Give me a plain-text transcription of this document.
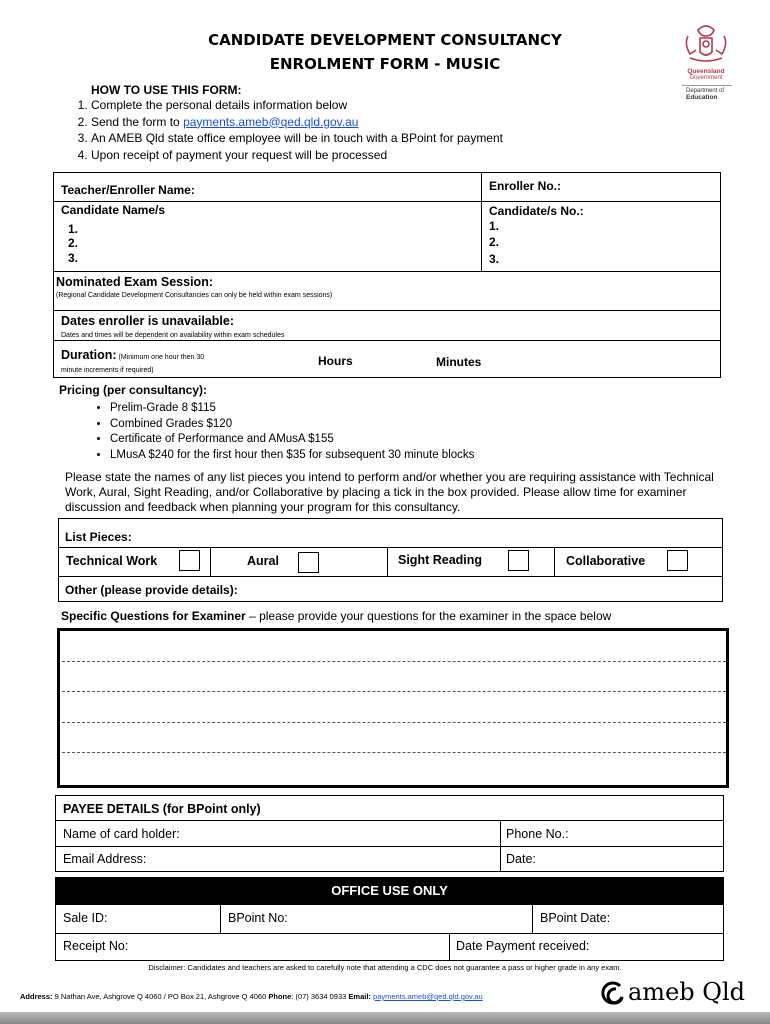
CANDIDATE DEVELOPMENT CONSULTANCY
ENROLMENT FORM - MUSIC	Queensland
Government
Department of
Education
HOW TO USE THIS FORM:
1. Complete the personal details information below
2. Send the form to payments.ameb@qed.qld.gov.au
3. An AMEB Qld state office employee will be in touch with a BPoint for payment
4. Upon receipt of payment your request will be processed
Teacher/Enroller Name:	Enroller No.:
Candidate Name/s
1.
2.
3.
Candidate/s No.:
1.
2.
3.
Nominated Exam Session:
(Regional Candidate Development Consultancies can only be held within exam sessions)
Dates enroller is unavailable:
Dates and times will be dependent on availability within exam schedules
Duration: (Minimum one hour then 30
minute increments if required)
Hours	Minutes
Pricing (per consultancy):
• Prelim-Grade 8 $115
• Combined Grades $120
• Certificate of Performance and AMusA $155
• LMusA $240 for the first hour then $35 for subsequent 30 minute blocks
Please state the names of any list pieces you intend to perform and/or whether you are requiring assistance with Technical Work, Aural, Sight Reading, and/or Collaborative by placing a tick in the box provided. Please allow time for examiner discussion and feedback when planning your program for this consultancy.
List Pieces:
Technical Work	Aural	Sight Reading	Collaborative
Other (please provide details):
Specific Questions for Examiner – please provide your questions for the examiner in the space below
PAYEE DETAILS (for BPoint only)
Name of card holder:	Phone No.:
Email Address:	Date:
OFFICE USE ONLY
Sale ID:	BPoint No:	BPoint Date:
Receipt No:	Date Payment received:
Disclaimer: Candidates and teachers are asked to carefully note that attending a CDC does not guarantee a pass or higher grade in any exam.
Address: 9 Nathan Ave, Ashgrove Q 4060 / PO Box 21, Ashgrove Q 4060 Phone: (07) 3634 0933 Email: payments.ameb@qed.qld.gov.au	ameb Qld
